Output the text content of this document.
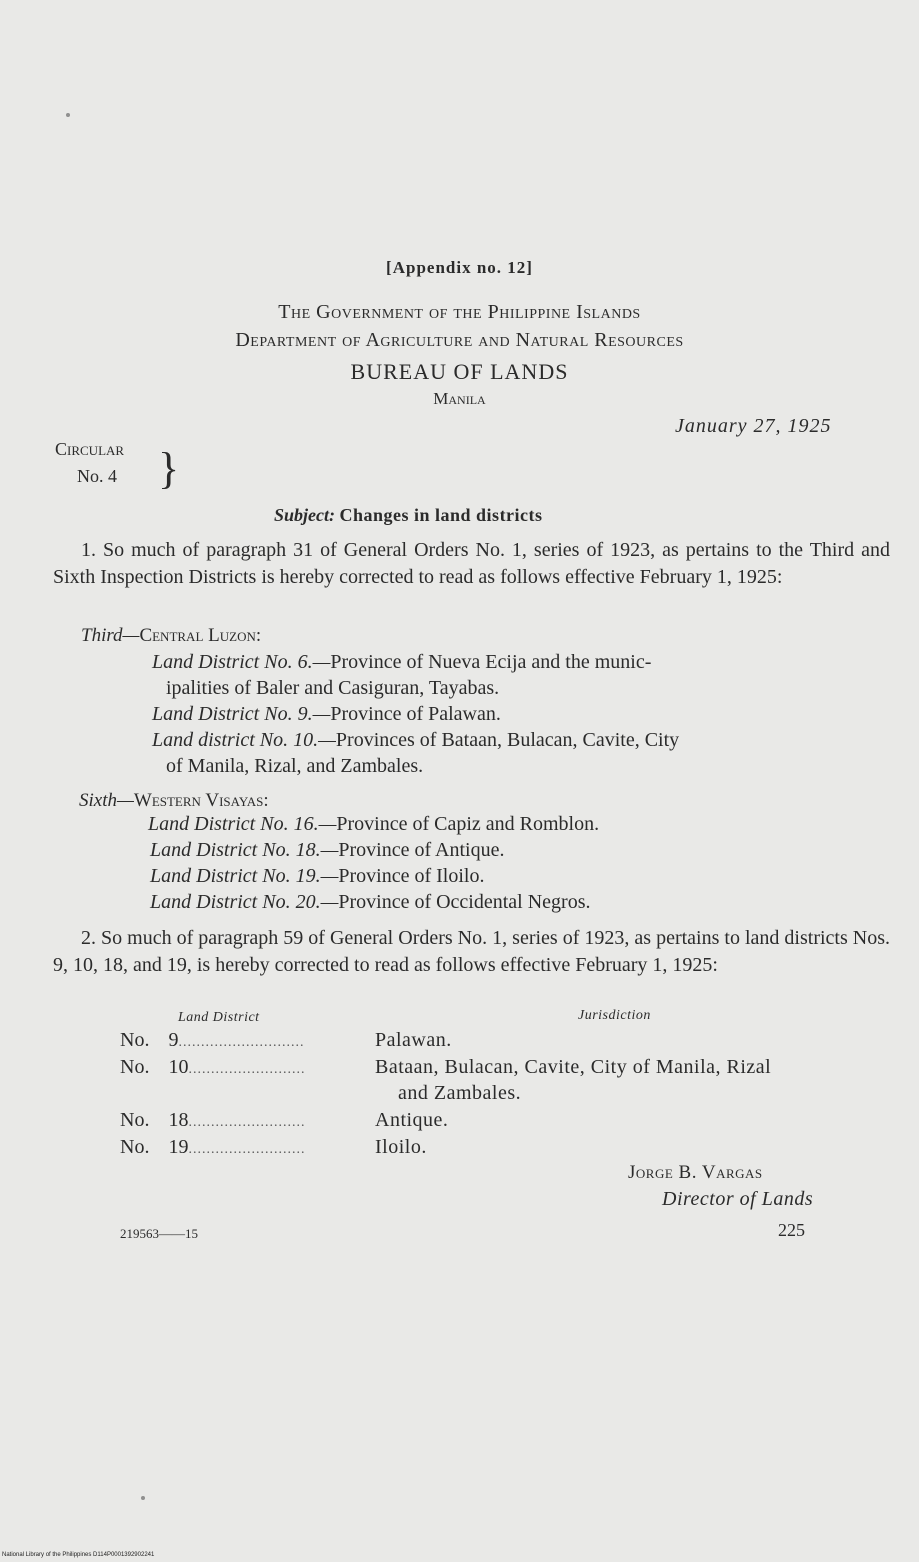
[Appendix no. 12]
The Government of the Philippine Islands
Department of Agriculture and Natural Resources
BUREAU OF LANDS
Manila
January 27, 1925
Circular
No. 4 }
Subject: Changes in land districts
1. So much of paragraph 31 of General Orders No. 1, series of 1923, as pertains to the Third and Sixth Inspection Districts is hereby corrected to read as follows effective February 1, 1925:
Third—Central Luzon:
Land District No. 6.—Province of Nueva Ecija and the munic-
ipalities of Baler and Casiguran, Tayabas.
Land District No. 9.—Province of Palawan.
Land district No. 10.—Provinces of Bataan, Bulacan, Cavite, City
of Manila, Rizal, and Zambales.
Sixth—Western Visayas:
Land District No. 16.—Province of Capiz and Romblon.
Land District No. 18.—Province of Antique.
Land District No. 19.—Province of Iloilo.
Land District No. 20.—Province of Occidental Negros.
2. So much of paragraph 59 of General Orders No. 1, series of 1923, as pertains to land districts Nos. 9, 10, 18, and 19, is hereby corrected to read as follows effective February 1, 1925:
Land District	Jurisdiction
No. 9............................	Palawan.
No. 10..........................	Bataan, Bulacan, Cavite, City of Manila, Rizal
and Zambales.
No. 18..........................	Antique.
No. 19..........................	Iloilo.
Jorge B. Vargas
Director of Lands
219563——15	225
National Library of the Philippines D114P0001392902241
